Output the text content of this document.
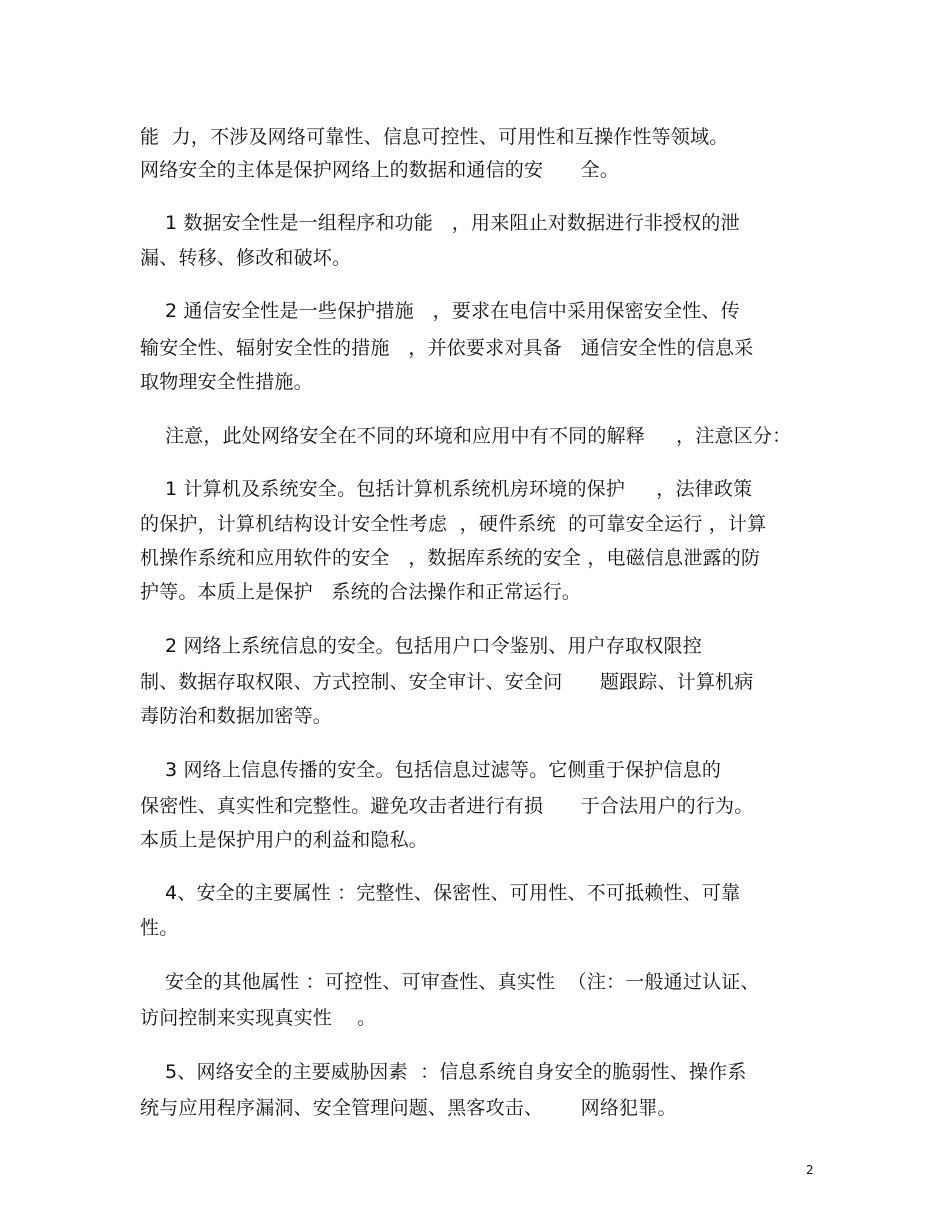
能  力，不涉及网络可靠性、信息可控性、可用性和互操作性等领域。
网络安全的主体是保护网络上的数据和通信的安      全。
1 数据安全性是一组程序和功能   ，用来阻止对数据进行非授权的泄
漏、转移、修改和破坏。
2 通信安全性是一些保护措施   ，要求在电信中采用保密安全性、传
输安全性、辐射安全性的措施   ，并依要求对具备   通信安全性的信息采
取物理安全性措施。
注意，此处网络安全在不同的环境和应用中有不同的解释     ，注意区分：
1 计算机及系统安全。包括计算机系统机房环境的保护     ，法律政策
的保护，计算机结构设计安全性考虑  ，硬件系统  的可靠安全运行 ，计算
机操作系统和应用软件的安全   ，数据库系统的安全 ，电磁信息泄露的防
护等。本质上是保护   系统的合法操作和正常运行。
2 网络上系统信息的安全。包括用户口令鉴别、用户存取权限控
制、数据存取权限、方式控制、安全审计、安全问      题跟踪、计算机病
毒防治和数据加密等。
3 网络上信息传播的安全。包括信息过滤等。它侧重于保护信息的
保密性、真实性和完整性。避免攻击者进行有损      于合法用户的行为。
本质上是保护用户的利益和隐私。
4、安全的主要属性 ：完整性、保密性、可用性、不可抵赖性、可靠
性。
安全的其他属性 ：可控性、可审查性、真实性  （注：一般通过认证、
访问控制来实现真实性    。
5、网络安全的主要威胁因素  ：信息系统自身安全的脆弱性、操作系
统与应用程序漏洞、安全管理问题、黑客攻击、      网络犯罪。
2
